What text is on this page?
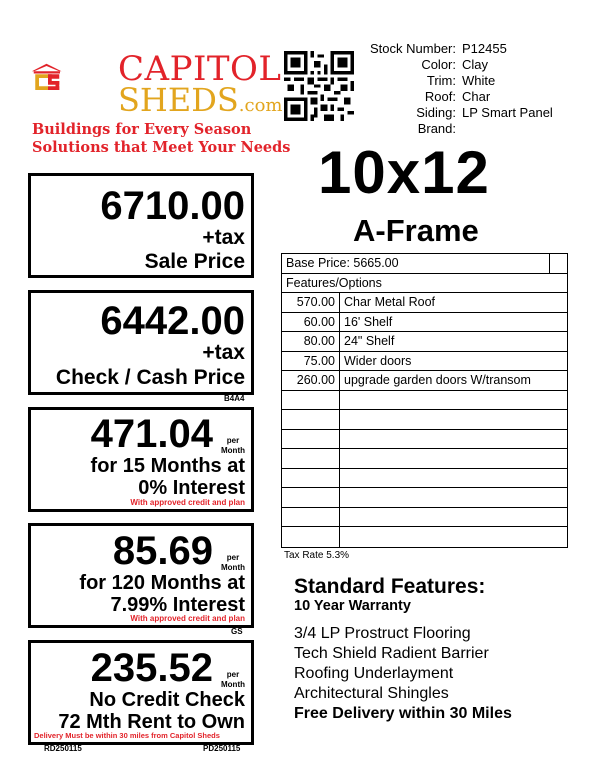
CAPITOL
SHEDS.com
Buildings for Every Season
Solutions that Meet Your Needs
Stock Number: P12455
Color: Clay
Trim: White
Roof: Char
Siding: LP Smart Panel
Brand:
10x12
A-Frame
6710.00
+tax
Sale Price
6442.00
+tax
Check / Cash Price
B4A4
471.04	per
Month
for 15 Months at
0% Interest
With approved credit and plan
85.69	per
Month
for 120 Months at
7.99% Interest
With approved credit and plan
GS
235.52	per
Month
No Credit Check
72 Mth Rent to Own
Delivery Must be within 30 miles from Capitol Sheds
RD250115	PD250115
Base Price: 5665.00
Features/Options
570.00 Char Metal Roof
60.00 16' Shelf
80.00 24" Shelf
75.00 Wider doors
260.00 upgrade garden doors W/transom
Tax Rate 5.3%
Standard Features:
10 Year Warranty
3/4 LP Prostruct Flooring
Tech Shield Radient Barrier
Roofing Underlayment
Architectural Shingles
Free Delivery within 30 Miles
